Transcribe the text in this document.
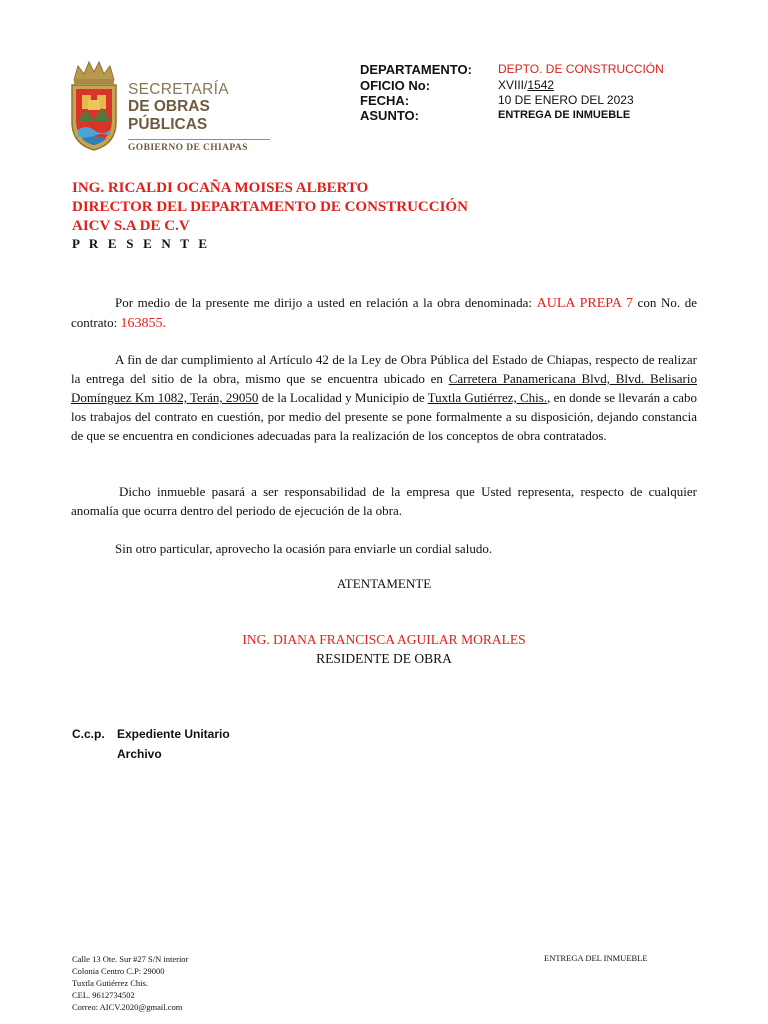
SECRETARÍA
DE OBRAS PÚBLICAS
GOBIERNO DE CHIAPAS
DEPARTAMENTO: DEPTO. DE CONSTRUCCIÓN
OFICIO No:	XVIII/1542
FECHA:	10 DE ENERO DEL 2023
ASUNTO:	ENTREGA DE INMUEBLE
ING. RICALDI OCAÑA MOISES ALBERTO
DIRECTOR DEL DEPARTAMENTO DE CONSTRUCCIÓN
AICV S.A DE C.V
P R E S E N T E

Por medio de la presente me dirijo a usted en relación a la obra denominada: AULA PREPA 7 con No. de contrato: 163855.

A fin de dar cumplimiento al Artículo 42 de la Ley de Obra Pública del Estado de Chiapas, respecto de realizar la entrega del sitio de la obra, mismo que se encuentra ubicado en Carretera Panamericana Blvd, Blvd. Belisario Domínguez Km 1082, Terán, 29050 de la Localidad y Municipio de Tuxtla Gutiérrez, Chis., en donde se llevarán a cabo los trabajos del contrato en cuestión, por medio del presente se pone formalmente a su disposición, dejando constancia de que se encuentra en condiciones adecuadas para la realización de los conceptos de obra contratados.

Dicho inmueble pasará a ser responsabilidad de la empresa que Usted representa, respecto de cualquier anomalía que ocurra dentro del periodo de ejecución de la obra.

Sin otro particular, aprovecho la ocasión para enviarle un cordial saludo.

ATENTAMENTE
ING. DIANA FRANCISCA AGUILAR MORALES
RESIDENTE DE OBRA
C.c.p. Expediente Unitario
Archivo
Calle 13 Ote. Sur #27 S/N interior
Colonia Centro C.P: 29000
Tuxtla Gutiérrez Chis.
CEL. 9612734502
Correo: AICV.2020@gmail.com
ENTREGA DEL INMUEBLE
